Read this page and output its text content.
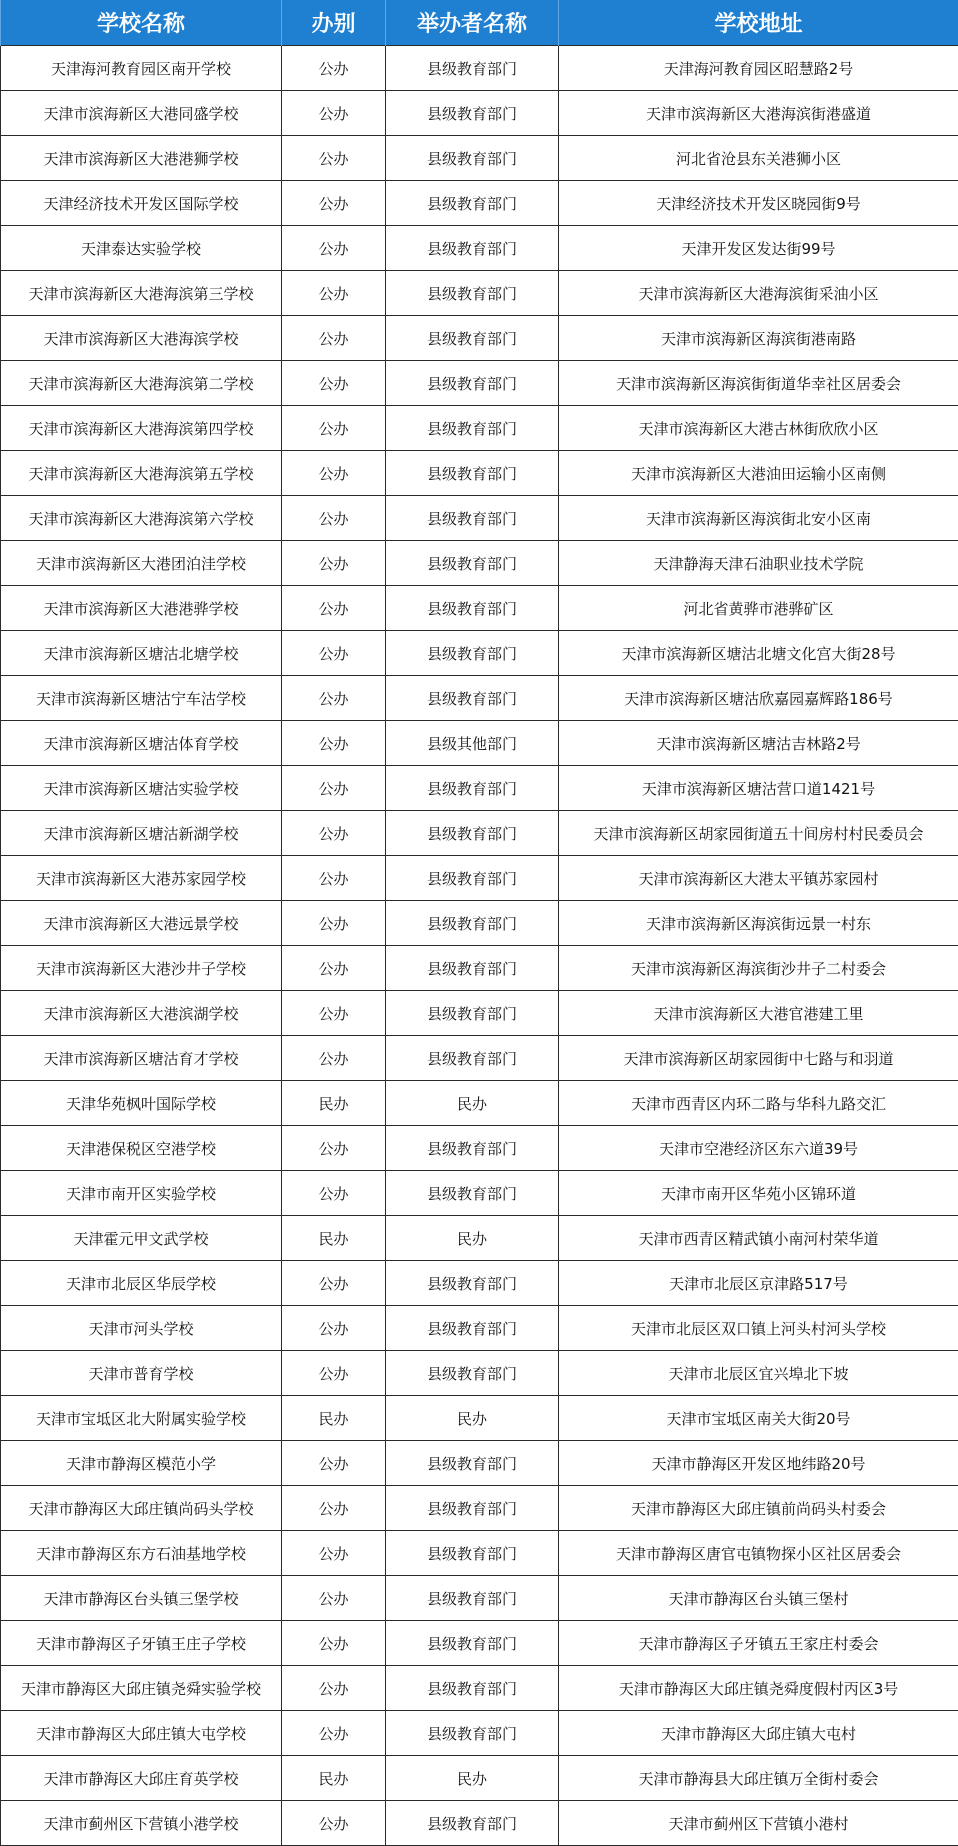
学校名称	办别	举办者名称	学校地址
天津海河教育园区南开学校	公办	县级教育部门	天津海河教育园区昭慧路2号
天津市滨海新区大港同盛学校	公办	县级教育部门	天津市滨海新区大港海滨街港盛道
天津市滨海新区大港港狮学校	公办	县级教育部门	河北省沧县东关港狮小区
天津经济技术开发区国际学校	公办	县级教育部门	天津经济技术开发区晓园街9号
天津泰达实验学校	公办	县级教育部门	天津开发区发达街99号
天津市滨海新区大港海滨第三学校	公办	县级教育部门	天津市滨海新区大港海滨街采油小区
天津市滨海新区大港海滨学校	公办	县级教育部门	天津市滨海新区海滨街港南路
天津市滨海新区大港海滨第二学校	公办	县级教育部门	天津市滨海新区海滨街街道华幸社区居委会
天津市滨海新区大港海滨第四学校	公办	县级教育部门	天津市滨海新区大港古林街欣欣小区
天津市滨海新区大港海滨第五学校	公办	县级教育部门	天津市滨海新区大港油田运输小区南侧
天津市滨海新区大港海滨第六学校	公办	县级教育部门	天津市滨海新区海滨街北安小区南
天津市滨海新区大港团泊洼学校	公办	县级教育部门	天津静海天津石油职业技术学院
天津市滨海新区大港港骅学校	公办	县级教育部门	河北省黄骅市港骅矿区
天津市滨海新区塘沽北塘学校	公办	县级教育部门	天津市滨海新区塘沽北塘文化宫大街28号
天津市滨海新区塘沽宁车沽学校	公办	县级教育部门	天津市滨海新区塘沽欣嘉园嘉辉路186号
天津市滨海新区塘沽体育学校	公办	县级其他部门	天津市滨海新区塘沽吉林路2号
天津市滨海新区塘沽实验学校	公办	县级教育部门	天津市滨海新区塘沽营口道1421号
天津市滨海新区塘沽新湖学校	公办	县级教育部门	天津市滨海新区胡家园街道五十间房村村民委员会
天津市滨海新区大港苏家园学校	公办	县级教育部门	天津市滨海新区大港太平镇苏家园村
天津市滨海新区大港远景学校	公办	县级教育部门	天津市滨海新区海滨街远景一村东
天津市滨海新区大港沙井子学校	公办	县级教育部门	天津市滨海新区海滨街沙井子二村委会
天津市滨海新区大港滨湖学校	公办	县级教育部门	天津市滨海新区大港官港建工里
天津市滨海新区塘沽育才学校	公办	县级教育部门	天津市滨海新区胡家园街中七路与和羽道
天津华苑枫叶国际学校	民办	民办	天津市西青区内环二路与华科九路交汇
天津港保税区空港学校	公办	县级教育部门	天津市空港经济区东六道39号
天津市南开区实验学校	公办	县级教育部门	天津市南开区华苑小区锦环道
天津霍元甲文武学校	民办	民办	天津市西青区精武镇小南河村荣华道
天津市北辰区华辰学校	公办	县级教育部门	天津市北辰区京津路517号
天津市河头学校	公办	县级教育部门	天津市北辰区双口镇上河头村河头学校
天津市普育学校	公办	县级教育部门	天津市北辰区宜兴埠北下坡
天津市宝坻区北大附属实验学校	民办	民办	天津市宝坻区南关大街20号
天津市静海区模范小学	公办	县级教育部门	天津市静海区开发区地纬路20号
天津市静海区大邱庄镇尚码头学校	公办	县级教育部门	天津市静海区大邱庄镇前尚码头村委会
天津市静海区东方石油基地学校	公办	县级教育部门	天津市静海区唐官屯镇物探小区社区居委会
天津市静海区台头镇三堡学校	公办	县级教育部门	天津市静海区台头镇三堡村
天津市静海区子牙镇王庄子学校	公办	县级教育部门	天津市静海区子牙镇五王家庄村委会
天津市静海区大邱庄镇尧舜实验学校	公办	县级教育部门	天津市静海区大邱庄镇尧舜度假村丙区3号
天津市静海区大邱庄镇大屯学校	公办	县级教育部门	天津市静海区大邱庄镇大屯村
天津市静海区大邱庄育英学校	民办	民办	天津市静海县大邱庄镇万全街村委会
天津市蓟州区下营镇小港学校	公办	县级教育部门	天津市蓟州区下营镇小港村
